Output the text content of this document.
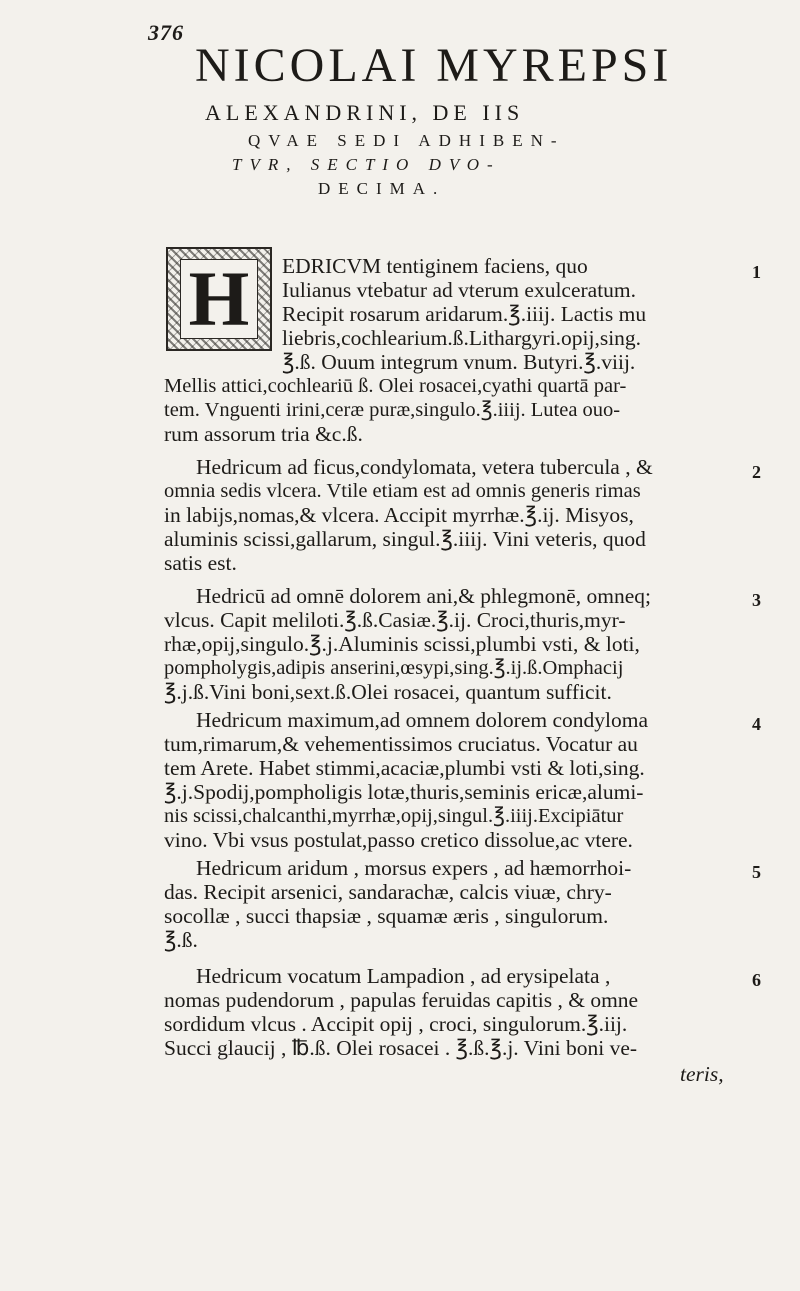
376
NICOLAI MYREPSI
ALEXANDRINI, DE IIS
QVAE SEDI ADHIBEN-
TVR, SECTIO DVO-
DECIMA.
H EDRICVM tentiginem faciens, quo
Iulianus vtebatur ad vterum exulceratum.
Recipit rosarum aridarum.℥.iiij. Lactis mu
liebris,cochlearium.ß.Lithargyri.opij,sing.
℥.ß. Ouum integrum vnum. Butyri.℥.viij.
Mellis attici,cochleariū ß. Olei rosacei,cyathi quartā par-
tem. Vnguenti irini,ceræ puræ,singulo.℥.iiij. Lutea ouo-
rum assorum tria &c.ß.
Hedricum ad ficus,condylomata, vetera tubercula , &
omnia sedis vlcera. Vtile etiam est ad omnis generis rimas
in labijs,nomas,& vlcera. Accipit myrrhæ.℥.ij. Misyos,
aluminis scissi,gallarum, singul.℥.iiij. Vini veteris, quod
satis est.
Hedricū ad omnē dolorem ani,& phlegmonē, omneq;
vlcus. Capit meliloti.℥.ß.Casiæ.℥.ij. Croci,thuris,myr-
rhæ,opij,singulo.℥.j.Aluminis scissi,plumbi vsti, & loti,
pompholygis,adipis anserini,œsypi,sing.℥.ij.ß.Omphacij
℥.j.ß.Vini boni,sext.ß.Olei rosacei, quantum sufficit.
Hedricum maximum,ad omnem dolorem condyloma
tum,rimarum,& vehementissimos cruciatus. Vocatur au
tem Arete. Habet stimmi,acaciæ,plumbi vsti & loti,sing.
℥.j.Spodij,pompholigis lotæ,thuris,seminis ericæ,alumi-
nis scissi,chalcanthi,myrrhæ,opij,singul.℥.iiij.Excipiātur
vino. Vbi vsus postulat,passo cretico dissolue,ac vtere.
Hedricum aridum , morsus expers , ad hæmorrhoi-
das. Recipit arsenici, sandarachæ, calcis viuæ, chry-
socollæ , succi thapsiæ , squamæ æris , singulorum.
℥.ß.
Hedricum vocatum Lampadion , ad erysipelata ,
nomas pudendorum , papulas feruidas capitis , & omne
sordidum vlcus . Accipit opij , croci, singulorum.℥.iij.
Succi glaucij , ℔.ß. Olei rosacei . ℥.ß.℥.j. Vini boni ve-
1
2
3
4
5
6
teris,
